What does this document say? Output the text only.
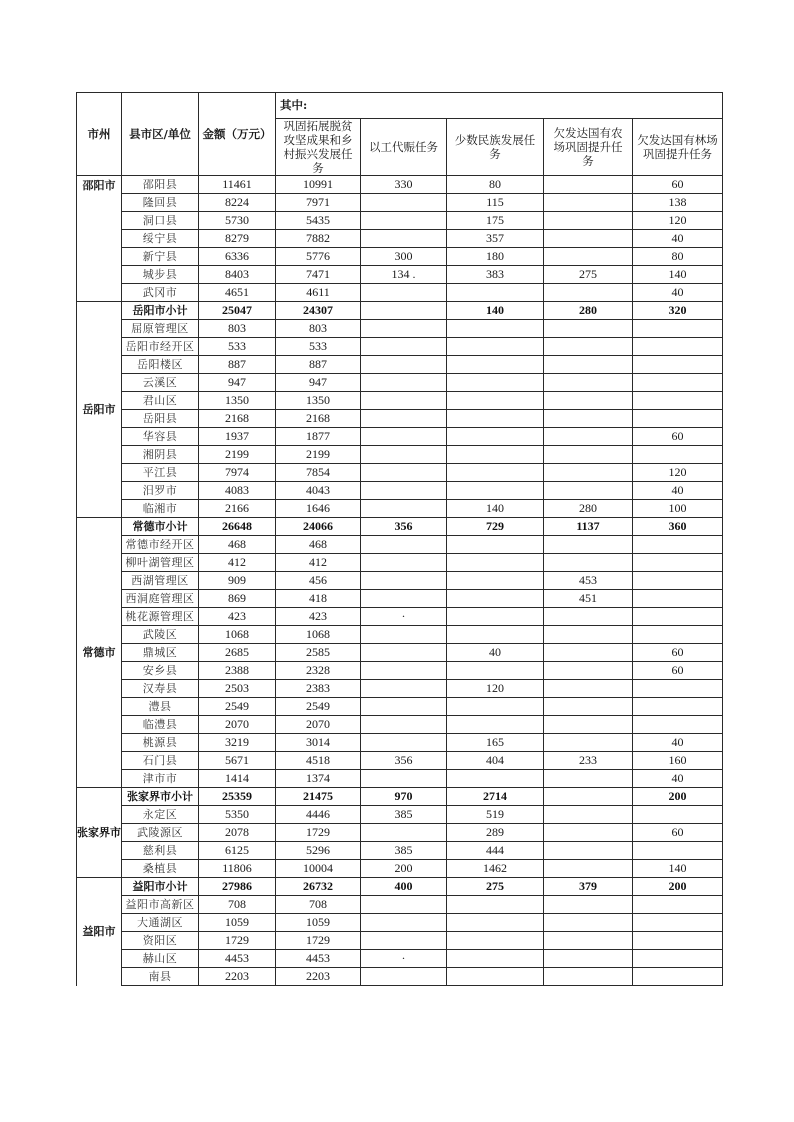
市州	县市区/单位	金额（万元）	其中:				
			巩固拓展脱贫攻坚成果和乡村振兴发展任务	以工代赈任务	少数民族发展任务	欠发达国有农场巩固提升任务	欠发达国有林场巩固提升任务
邵阳市	邵阳县	11461	10991	330	80		60
	隆回县	8224	7971		115		138
	洞口县	5730	5435		175		120
	绥宁县	8279	7882		357		40
	新宁县	6336	5776	300	180		80
	城步县	8403	7471	134 .	383	275	140
	武冈市	4651	4611				40
岳阳市	岳阳市小计	25047	24307		140	280	320
	屈原管理区	803	803				
	岳阳市经开区	533	533				
	岳阳楼区	887	887				
	云溪区	947	947				
	君山区	1350	1350				
	岳阳县	2168	2168				
	华容县	1937	1877				60
	湘阴县	2199	2199				
	平江县	7974	7854				120
	汨罗市	4083	4043				40
	临湘市	2166	1646		140	280	100
常德市	常德市小计	26648	24066	356	729	1137	360
	常德市经开区	468	468				
	柳叶湖管理区	412	412				
	西湖管理区	909	456			453	
	西洞庭管理区	869	418			451	
	桃花源管理区	423	423	·			
	武陵区	1068	1068				
	鼎城区	2685	2585		40		60
	安乡县	2388	2328				60
	汉寿县	2503	2383		120		
	澧县	2549	2549				
	临澧县	2070	2070				
	桃源县	3219	3014		165		40
	石门县	5671	4518	356	404	233	160
	津市市	1414	1374				40
张家界市	张家界市小计	25359	21475	970	2714		200
	永定区	5350	4446	385	519		
	武陵源区	2078	1729		289		60
	慈利县	6125	5296	385	444		
	桑植县	11806	10004	200	1462		140
益阳市	益阳市小计	27986	26732	400	275	379	200
	益阳市高新区	708	708				
	大通湖区	1059	1059				
	资阳区	1729	1729				
	赫山区	4453	4453	·			
	南县	2203	2203				
